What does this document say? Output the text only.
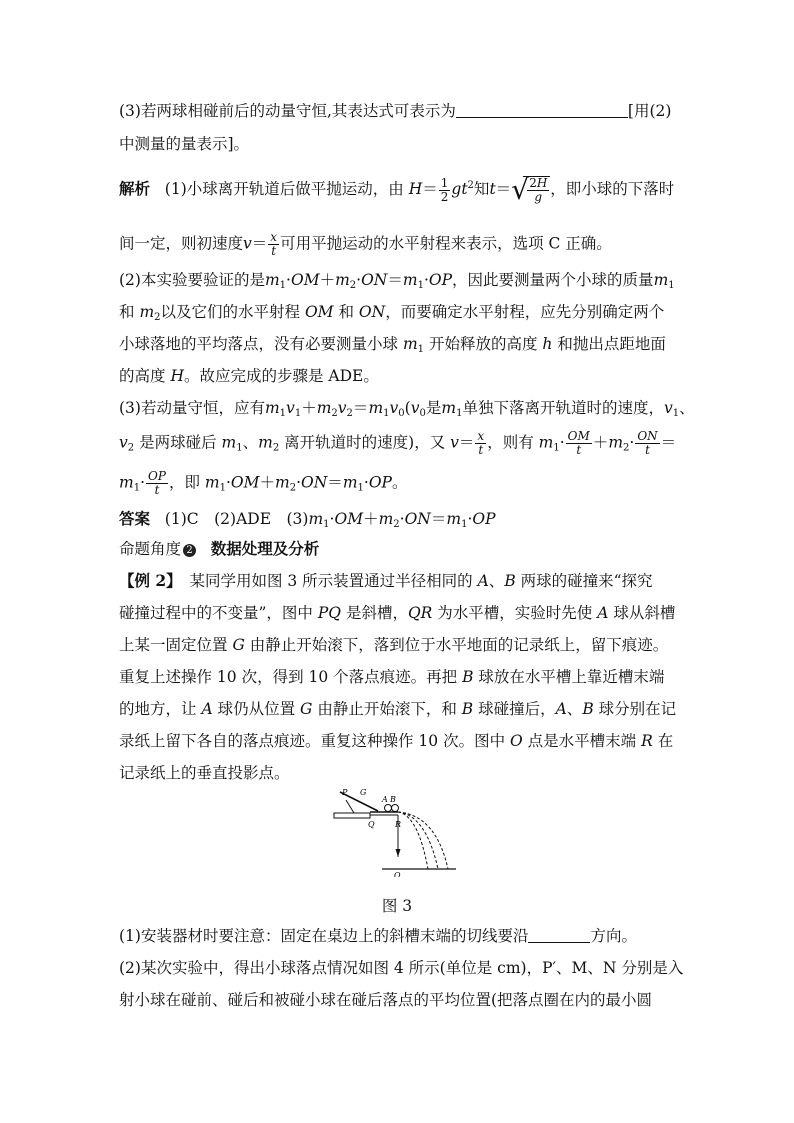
(3)若两球相碰前后的动量守恒,其表达式可表示为	[用(2)
中测量的量表示]。
解析 (1)小球离开轨道后做平抛运动，由 $H= \frac{1}{2} gt^2$知t＝ √
$\frac{2H}{g}$ ，即小球的下落时
间一定，则初速度$v= \frac{x}{t}$ 可用平抛运动的水平射程来表示，选项 C 正确。
(2)本实验要验证的是$m_1\cdot OM+m_2\cdot ON=m_1\cdot OP$，因此要测量两个小球的质量$m_1$
和 $m_2$以及它们的水平射程 OM 和 ON，而要确定水平射程，应先分别确定两个
小球落地的平均落点，没有必要测量小球 $m_1$ 开始释放的高度 h 和抛出点距地面
的高度 H。故应完成的步骤是 ADE。
(3)若动量守恒，应有$m_1v_1+m_2v_2=m_1v_0(v_0$是$m_1$单独下落离开轨道时的速度，$v_1$、
$v_2$ 是两球碰后 $m_1$、$m_2$ 离开轨道时的速度)，又 $v= \frac{x}{t}$ ，则有 $m_1\cdot \frac{OM}{t} +m_2\cdot \frac{ON}{t}$ ＝
$m_1\cdot \frac{OP}{t}$ ，即 $m_1\cdot OM+m_2\cdot ON=m_1\cdot OP$。
答案 (1)C　(2)ADE　$(3)m_1\cdot OM+m_2\cdot ON=m_1\cdot OP$
命题角度 2 数据处理及分析
【例 2】　某同学用如图 3 所示装置通过半径相同的 A、B 两球的碰撞来“探究
碰撞过程中的不变量”，图中 PQ 是斜槽，QR 为水平槽，实验时先使 A 球从斜槽
上某一固定位置 G 由静止开始滚下，落到位于水平地面的记录纸上，留下痕迹。
重复上述操作 10 次，得到 10 个落点痕迹。再把 B 球放在水平槽上靠近槽末端
的地方，让 A 球仍从位置 G 由静止开始滚下，和 B 球碰撞后，A、B 球分别在记
录纸上留下各自的落点痕迹。重复这种操作 10 次。图中 O 点是水平槽末端 R 在
记录纸上的垂直投影点。
P G
A B
Q	R
O
图 3
(1)安装器材时要注意：固定在桌边上的斜槽末端的切线要沿	方向。
(2)某次实验中，得出小球落点情况如图 4 所示(单位是 cm)，P′、M、N 分别是入
射小球在碰前、碰后和被碰小球在碰后落点的平均位置(把落点圈在内的最小圆
